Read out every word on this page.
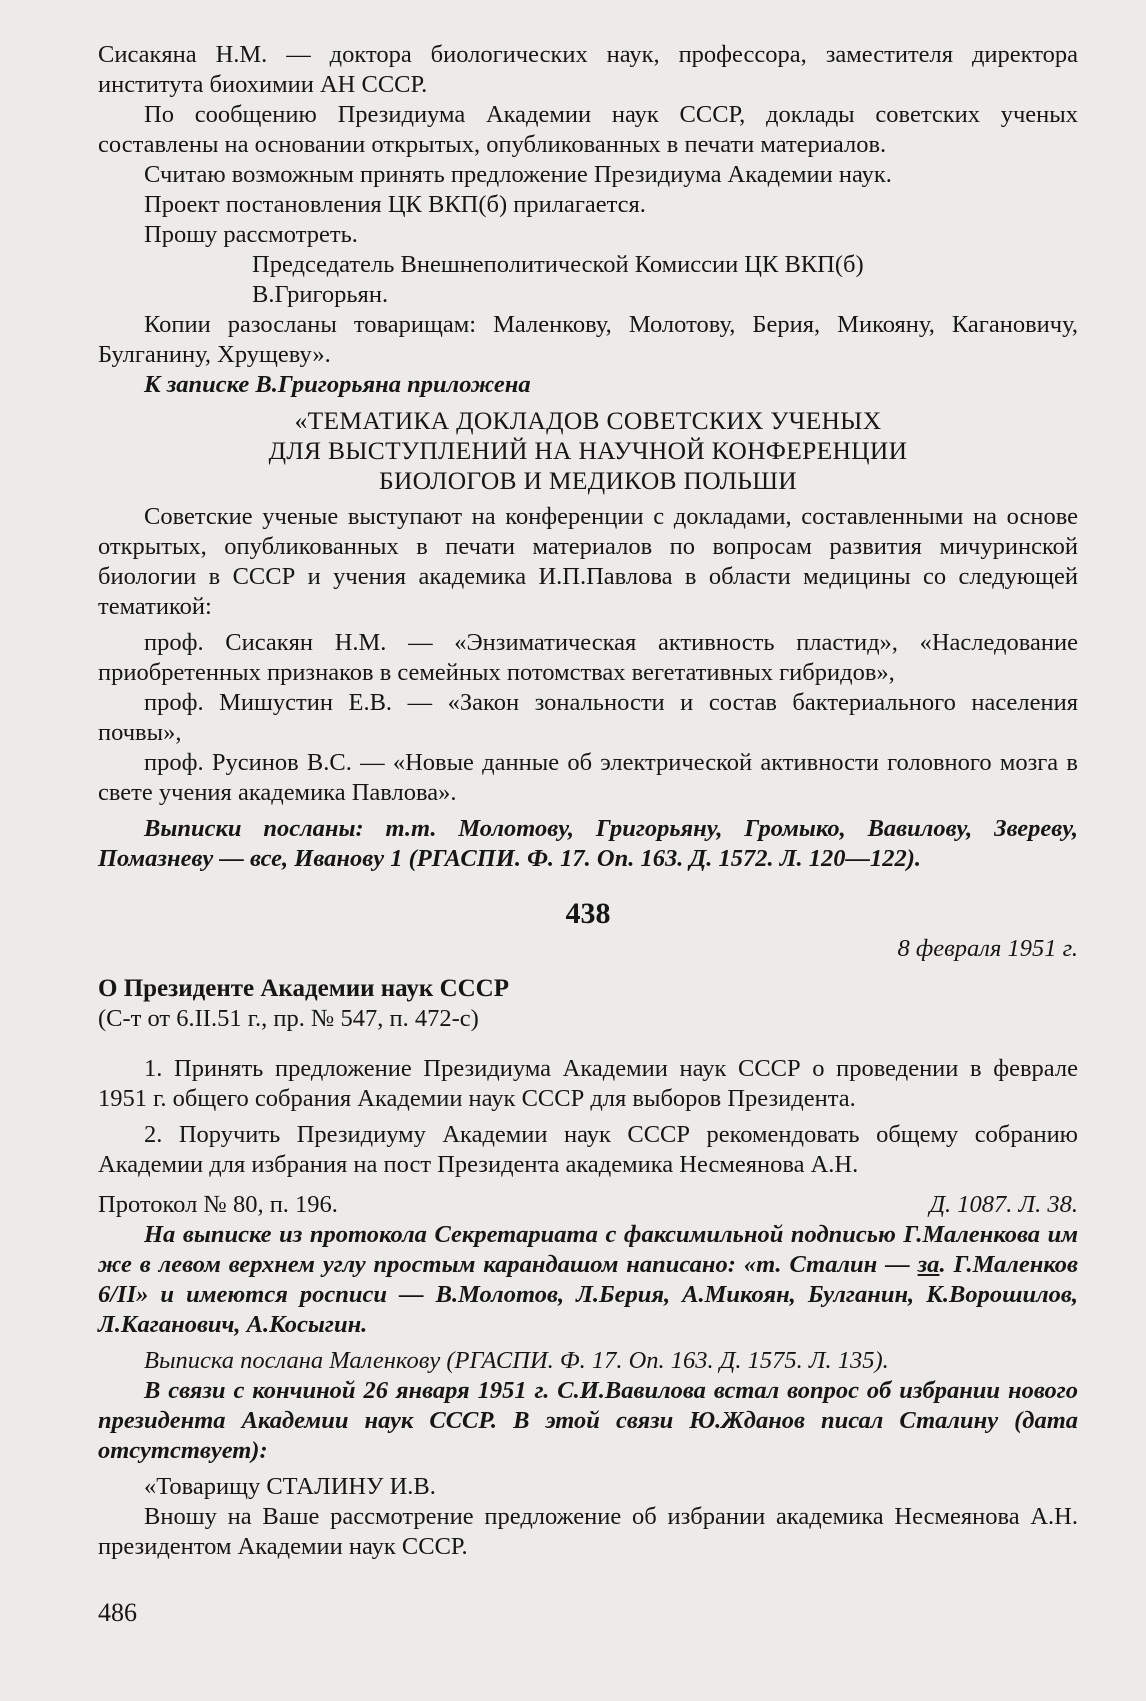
Сисакяна Н.М. — доктора биологических наук, профессора, заместителя директора института биохимии АН СССР.

По сообщению Президиума Академии наук СССР, доклады советских ученых составлены на основании открытых, опубликованных в печати материалов.

Считаю возможным принять предложение Президиума Академии наук.

Проект постановления ЦК ВКП(б) прилагается.

Прошу рассмотреть.

Председатель Внешнеполитической Комиссии ЦК ВКП(б)

В.Григорьян.

Копии разосланы товарищам: Маленкову, Молотову, Берия, Микояну, Кагановичу, Булганину, Хрущеву».

К записке В.Григорьяна приложена

«ТЕМАТИКА ДОКЛАДОВ СОВЕТСКИХ УЧЕНЫХ

ДЛЯ ВЫСТУПЛЕНИЙ НА НАУЧНОЙ КОНФЕРЕНЦИИ

БИОЛОГОВ И МЕДИКОВ ПОЛЬШИ

Советские ученые выступают на конференции с докладами, составленными на основе открытых, опубликованных в печати материалов по вопросам развития мичуринской биологии в СССР и учения академика И.П.Павлова в области медицины со следующей тематикой:

проф. Сисакян Н.М. — «Энзиматическая активность пластид», «Наследование приобретенных признаков в семейных потомствах вегетативных гибридов»,

проф. Мишустин Е.В. — «Закон зональности и состав бактериального населения почвы»,

проф. Русинов В.С. — «Новые данные об электрической активности головного мозга в свете учения академика Павлова».

Выписки посланы: т.т. Молотову, Григорьяну, Громыко, Вавилову, Звереву, Помазневу — все, Иванову 1 (РГАСПИ. Ф. 17. Оп. 163. Д. 1572. Л. 120—122).

438

8 февраля 1951 г.

О Президенте Академии наук СССР

(С-т от 6.II.51 г., пр. № 547, п. 472-с)

1. Принять предложение Президиума Академии наук СССР о проведении в феврале 1951 г. общего собрания Академии наук СССР для выборов Президента.

2. Поручить Президиуму Академии наук СССР рекомендовать общему собранию Академии для избрания на пост Президента академика Несмеянова А.Н.

Протокол № 80, п. 196.	Д. 1087. Л. 38.

На выписке из протокола Секретариата с факсимильной подписью Г.Маленкова им же в левом верхнем углу простым карандашом написано: «т. Сталин — за. Г.Маленков 6/II» и имеются росписи — В.Молотов, Л.Берия, А.Микоян, Булганин, К.Ворошилов, Л.Каганович, А.Косыгин.

Выписка послана Маленкову (РГАСПИ. Ф. 17. Оп. 163. Д. 1575. Л. 135).

В связи с кончиной 26 января 1951 г. С.И.Вавилова встал вопрос об избрании нового президента Академии наук СССР. В этой связи Ю.Жданов писал Сталину (дата отсутствует):

«Товарищу СТАЛИНУ И.В.

Вношу на Ваше рассмотрение предложение об избрании академика Несмеянова А.Н. президентом Академии наук СССР.

486
